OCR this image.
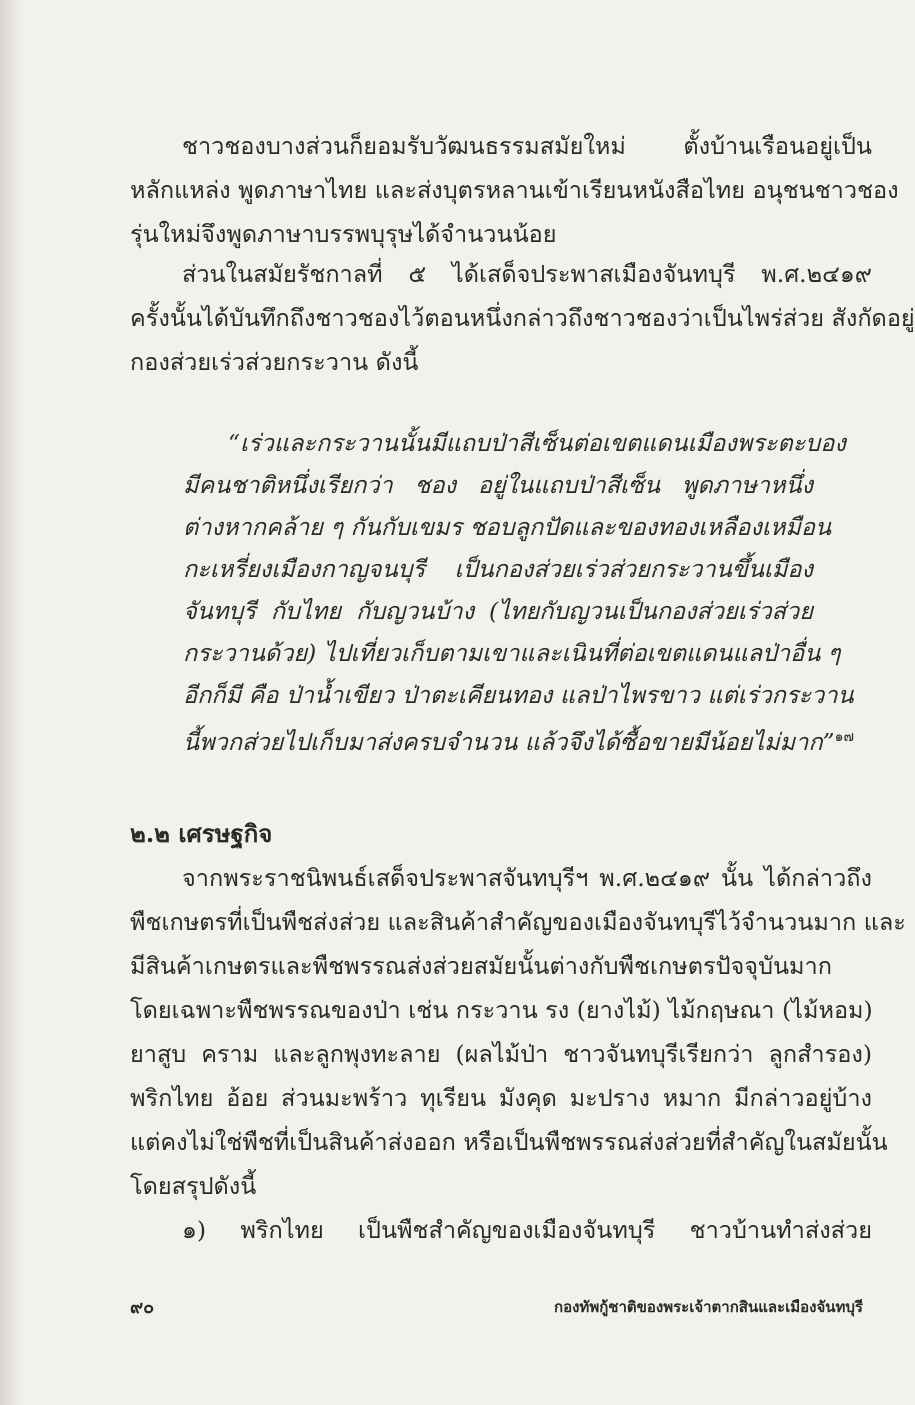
ชาวชองบางส่วนก็ยอมรับวัฒนธรรมสมัยใหม่ ตั้งบ้านเรือนอยู่เป็น
หลักแหล่ง พูดภาษาไทย และส่งบุตรหลานเข้าเรียนหนังสือไทย อนุชนชาวชอง
รุ่นใหม่จึงพูดภาษาบรรพบุรุษได้จำนวนน้อย
ส่วนในสมัยรัชกาลที่ ๕ ได้เสด็จประพาสเมืองจันทบุรี พ.ศ.๒๔๑๙
ครั้งนั้นได้บันทึกถึงชาวชองไว้ตอนหนึ่งกล่าวถึงชาวชองว่าเป็นไพร่ส่วย สังกัดอยู่
กองส่วยเร่วส่วยกระวาน ดังนี้
“เร่วและกระวานนั้นมีแถบป่าสีเซ็นต่อเขตแดนเมืองพระตะบอง
มีคนชาติหนึ่งเรียกว่า ชอง อยู่ในแถบป่าสีเซ็น พูดภาษาหนึ่ง
ต่างหากคล้าย ๆ กันกับเขมร ชอบลูกปัดและของทองเหลืองเหมือน
กะเหรี่ยงเมืองกาญจนบุรี เป็นกองส่วยเร่วส่วยกระวานขึ้นเมือง
จันทบุรี กับไทย กับญวนบ้าง (ไทยกับญวนเป็นกองส่วยเร่วส่วย
กระวานด้วย) ไปเที่ยวเก็บตามเขาและเนินที่ต่อเขตแดนแลป่าอื่น ๆ
อีกก็มี คือ ป่าน้ำเขียว ป่าตะเคียนทอง แลป่าไพรขาว แต่เร่วกระวาน
นี้พวกส่วยไปเก็บมาส่งครบจำนวน แล้วจึงได้ซื้อขายมีน้อยไม่มาก”$^{๑๗}$
๒.๒ เศรษฐกิจ
จากพระราชนิพนธ์เสด็จประพาสจันทบุรีฯ พ.ศ.๒๔๑๙ นั้น ได้กล่าวถึง
พืชเกษตรที่เป็นพืชส่งส่วย และสินค้าสำคัญของเมืองจันทบุรีไว้จำนวนมาก และ
มีสินค้าเกษตรและพืชพรรณส่งส่วยสมัยนั้นต่างกับพืชเกษตรปัจจุบันมาก
โดยเฉพาะพืชพรรณของป่า เช่น กระวาน รง (ยางไม้) ไม้กฤษณา (ไม้หอม)
ยาสูบ คราม และลูกพุงทะลาย (ผลไม้ป่า ชาวจันทบุรีเรียกว่า ลูกสำรอง)
พริกไทย อ้อย ส่วนมะพร้าว ทุเรียน มังคุด มะปราง หมาก มีกล่าวอยู่บ้าง
แต่คงไม่ใช่พืชที่เป็นสินค้าส่งออก หรือเป็นพืชพรรณส่งส่วยที่สำคัญในสมัยนั้น
โดยสรุปดังนี้
๑) พริกไทย เป็นพืชสำคัญของเมืองจันทบุรี ชาวบ้านทำส่งส่วย
๙๐	กองทัพกู้ชาติของพระเจ้าตากสินและเมืองจันทบุรี
